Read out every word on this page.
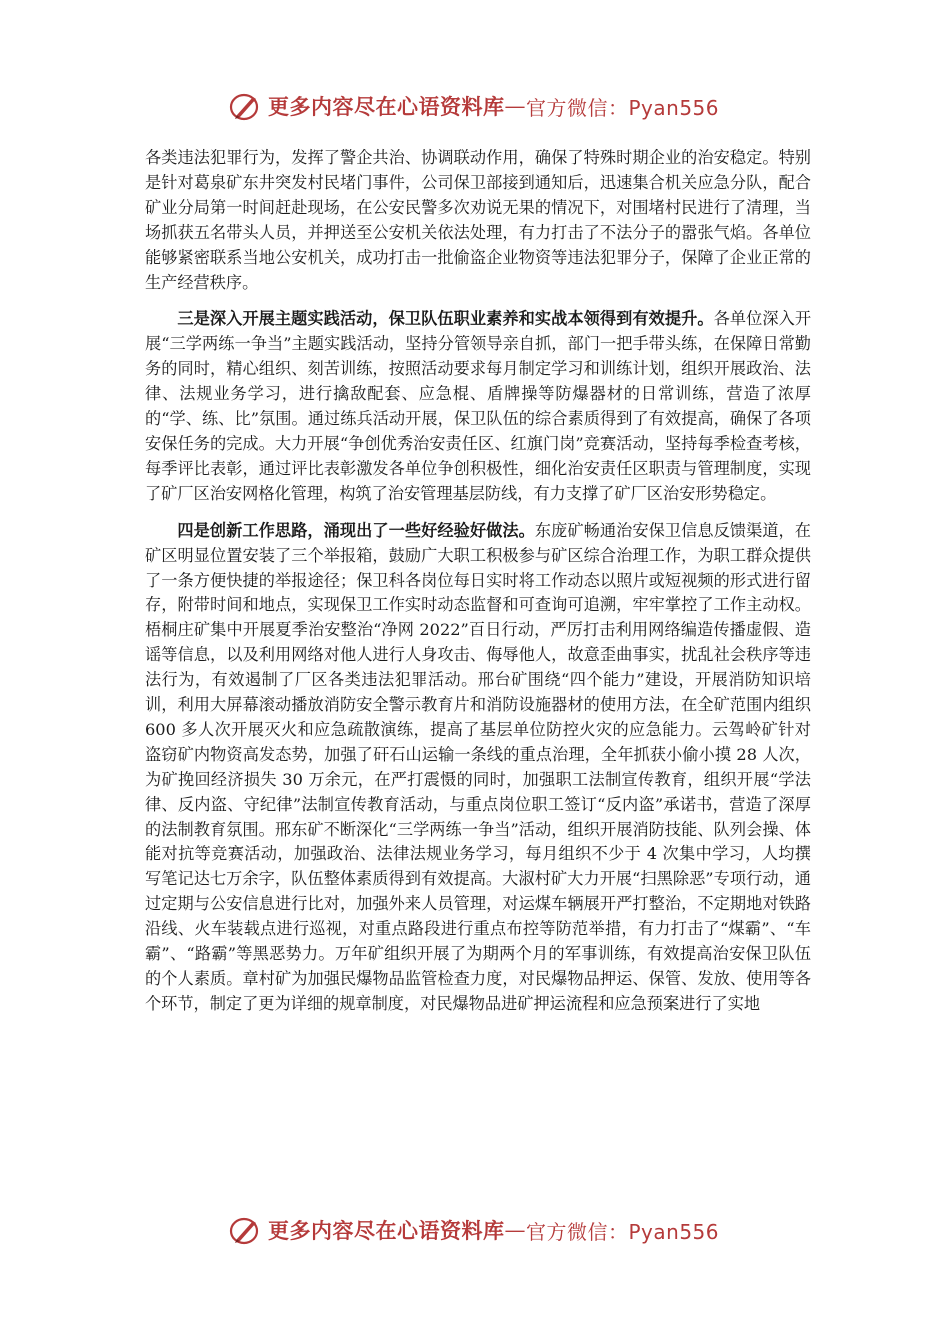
更多内容尽在心语资料库 — 官方微信：Pyan556

各类违法犯罪行为，发挥了警企共治、协调联动作用，确保了特殊时期企业的治安稳定。特别是针对葛泉矿东井突发村民堵门事件，公司保卫部接到通知后，迅速集合机关应急分队，配合矿业分局第一时间赶赴现场，在公安民警多次劝说无果的情况下，对围堵村民进行了清理，当场抓获五名带头人员，并押送至公安机关依法处理，有力打击了不法分子的嚣张气焰。各单位能够紧密联系当地公安机关，成功打击一批偷盗企业物资等违法犯罪分子，保障了企业正常的生产经营秩序。

三是深入开展主题实践活动，保卫队伍职业素养和实战本领得到有效提升。各单位深入开展“三学两练一争当”主题实践活动，坚持分管领导亲自抓，部门一把手带头练，在保障日常勤务的同时，精心组织、刻苦训练，按照活动要求每月制定学习和训练计划，组织开展政治、法律、法规业务学习，进行擒敌配套、应急棍、盾牌操等防爆器材的日常训练，营造了浓厚的“学、练、比”氛围。通过练兵活动开展，保卫队伍的综合素质得到了有效提高，确保了各项安保任务的完成。大力开展“争创优秀治安责任区、红旗门岗”竞赛活动，坚持每季检查考核，每季评比表彰，通过评比表彰激发各单位争创积极性，细化治安责任区职责与管理制度，实现了矿厂区治安网格化管理，构筑了治安管理基层防线，有力支撑了矿厂区治安形势稳定。

四是创新工作思路，涌现出了一些好经验好做法。东庞矿畅通治安保卫信息反馈渠道，在矿区明显位置安装了三个举报箱，鼓励广大职工积极参与矿区综合治理工作，为职工群众提供了一条方便快捷的举报途径；保卫科各岗位每日实时将工作动态以照片或短视频的形式进行留存，附带时间和地点，实现保卫工作实时动态监督和可查询可追溯，牢牢掌控了工作主动权。梧桐庄矿集中开展夏季治安整治“净网 2022”百日行动，严厉打击利用网络编造传播虚假、造谣等信息，以及利用网络对他人进行人身攻击、侮辱他人，故意歪曲事实，扰乱社会秩序等违法行为，有效遏制了厂区各类违法犯罪活动。邢台矿围绕“四个能力”建设，开展消防知识培训，利用大屏幕滚动播放消防安全警示教育片和消防设施器材的使用方法，在全矿范围内组织 600 多人次开展灭火和应急疏散演练，提高了基层单位防控火灾的应急能力。云驾岭矿针对盗窃矿内物资高发态势，加强了矸石山运输一条线的重点治理，全年抓获小偷小摸 28 人次，为矿挽回经济损失 30 万余元，在严打震慑的同时，加强职工法制宣传教育，组织开展“学法律、反内盗、守纪律”法制宣传教育活动，与重点岗位职工签订“反内盗”承诺书，营造了深厚的法制教育氛围。邢东矿不断深化“三学两练一争当”活动，组织开展消防技能、队列会操、体能对抗等竞赛活动，加强政治、法律法规业务学习，每月组织不少于 4 次集中学习，人均撰写笔记达七万余字，队伍整体素质得到有效提高。大淑村矿大力开展“扫黑除恶”专项行动，通过定期与公安信息进行比对，加强外来人员管理，对运煤车辆展开严打整治，不定期地对铁路沿线、火车装载点进行巡视，对重点路段进行重点布控等防范举措，有力打击了“煤霸”、“车霸”、“路霸”等黑恶势力。万年矿组织开展了为期两个月的军事训练，有效提高治安保卫队伍的个人素质。章村矿为加强民爆物品监管检查力度，对民爆物品押运、保管、发放、使用等各个环节，制定了更为详细的规章制度，对民爆物品进矿押运流程和应急预案进行了实地

更多内容尽在心语资料库 — 官方微信：Pyan556
